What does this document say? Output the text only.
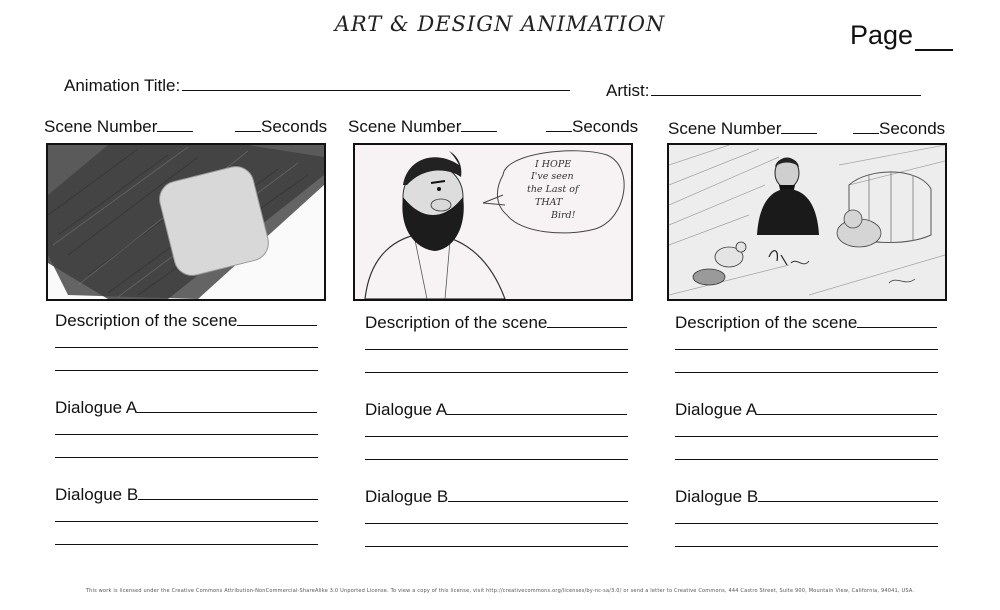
ART & DESIGN ANIMATION	Page
Animation Title:	Artist:
Scene Number	Seconds
Description of the scene
Dialogue A
Dialogue B
Scene Number	Seconds
I HOPE
I've seen
the Last of
THAT
Bird!
Description of the scene
Dialogue A
Dialogue B
Scene Number	Seconds
Description of the scene
Dialogue A
Dialogue B
This work is licensed under the Creative Commons Attribution-NonCommercial-ShareAlike 3.0 Unported License. To view a copy of this license, visit http://creativecommons.org/licenses/by-nc-sa/3.0/ or send a letter to Creative Commons, 444 Castro Street, Suite 900, Mountain View, California, 94041, USA.
